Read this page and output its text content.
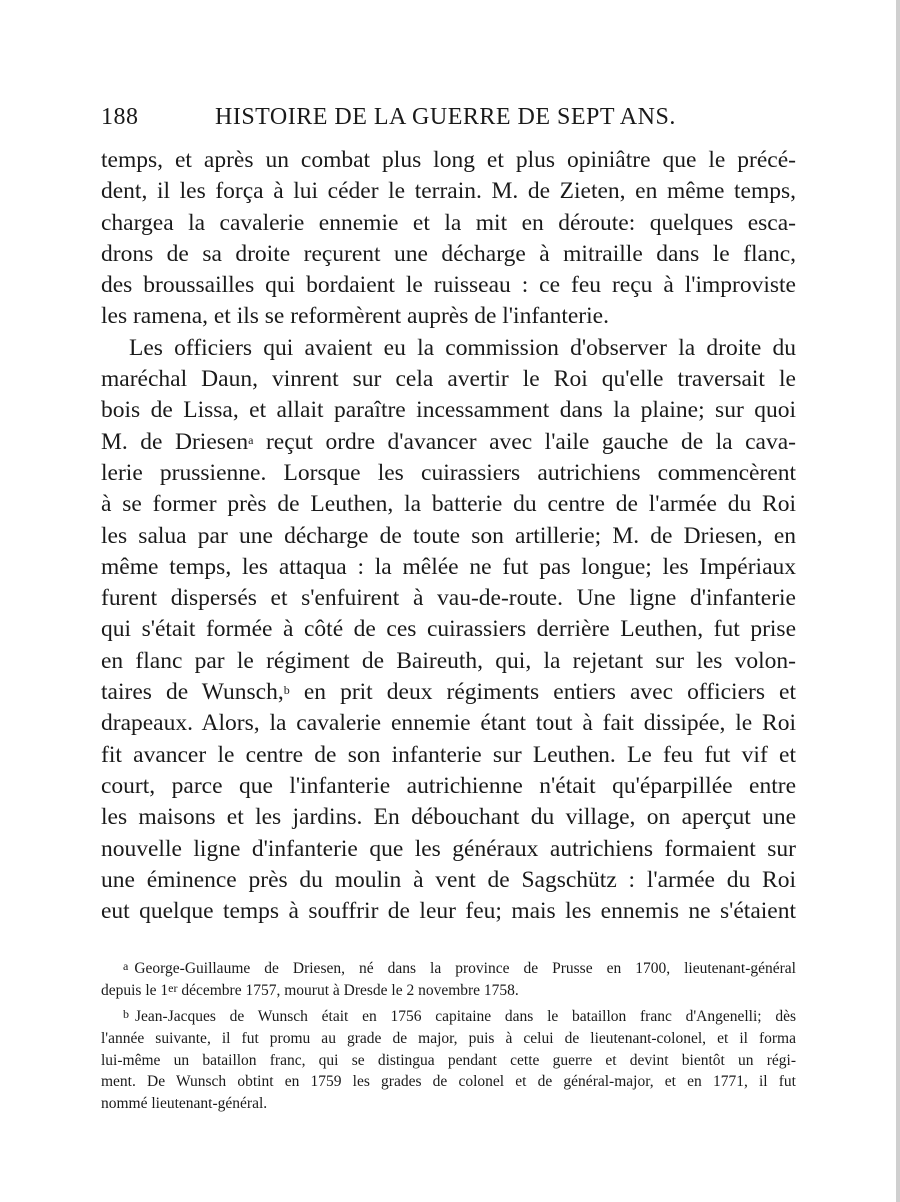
188	HISTOIRE DE LA GUERRE DE SEPT ANS.
temps, et après un combat plus long et plus opiniâtre que le précé-
dent, il les força à lui céder le terrain. M. de Zieten, en même temps,
chargea la cavalerie ennemie et la mit en déroute: quelques esca-
drons de sa droite reçurent une décharge à mitraille dans le flanc,
des broussailles qui bordaient le ruisseau : ce feu reçu à l'improviste
les ramena, et ils se reformèrent auprès de l'infanterie.
Les officiers qui avaient eu la commission d'observer la droite du
maréchal Daun, vinrent sur cela avertir le Roi qu'elle traversait le
bois de Lissa, et allait paraître incessamment dans la plaine; sur quoi
M. de Driesen$^a$ reçut ordre d'avancer avec l'aile gauche de la cava-
lerie prussienne. Lorsque les cuirassiers autrichiens commencèrent
à se former près de Leuthen, la batterie du centre de l'armée du Roi
les salua par une décharge de toute son artillerie; M. de Driesen, en
même temps, les attaqua : la mêlée ne fut pas longue; les Impériaux
furent dispersés et s'enfuirent à vau-de-route. Une ligne d'infanterie
qui s'était formée à côté de ces cuirassiers derrière Leuthen, fut prise
en flanc par le régiment de Baireuth, qui, la rejetant sur les volon-
taires de Wunsch,$^b$ en prit deux régiments entiers avec officiers et
drapeaux. Alors, la cavalerie ennemie étant tout à fait dissipée, le Roi
fit avancer le centre de son infanterie sur Leuthen. Le feu fut vif et
court, parce que l'infanterie autrichienne n'était qu'éparpillée entre
les maisons et les jardins. En débouchant du village, on aperçut une
nouvelle ligne d'infanterie que les généraux autrichiens formaient sur
une éminence près du moulin à vent de Sagschütz : l'armée du Roi
eut quelque temps à souffrir de leur feu; mais les ennemis ne s'étaient
a George-Guillaume de Driesen, né dans la province de Prusse en 1700, lieutenant-général
depuis le 1er décembre 1757, mourut à Dresde le 2 novembre 1758.
b Jean-Jacques de Wunsch était en 1756 capitaine dans le bataillon franc d'Angenelli; dès
l'année suivante, il fut promu au grade de major, puis à celui de lieutenant-colonel, et il forma
lui-même un bataillon franc, qui se distingua pendant cette guerre et devint bientôt un régi-
ment. De Wunsch obtint en 1759 les grades de colonel et de général-major, et en 1771, il fut
nommé lieutenant-général.
